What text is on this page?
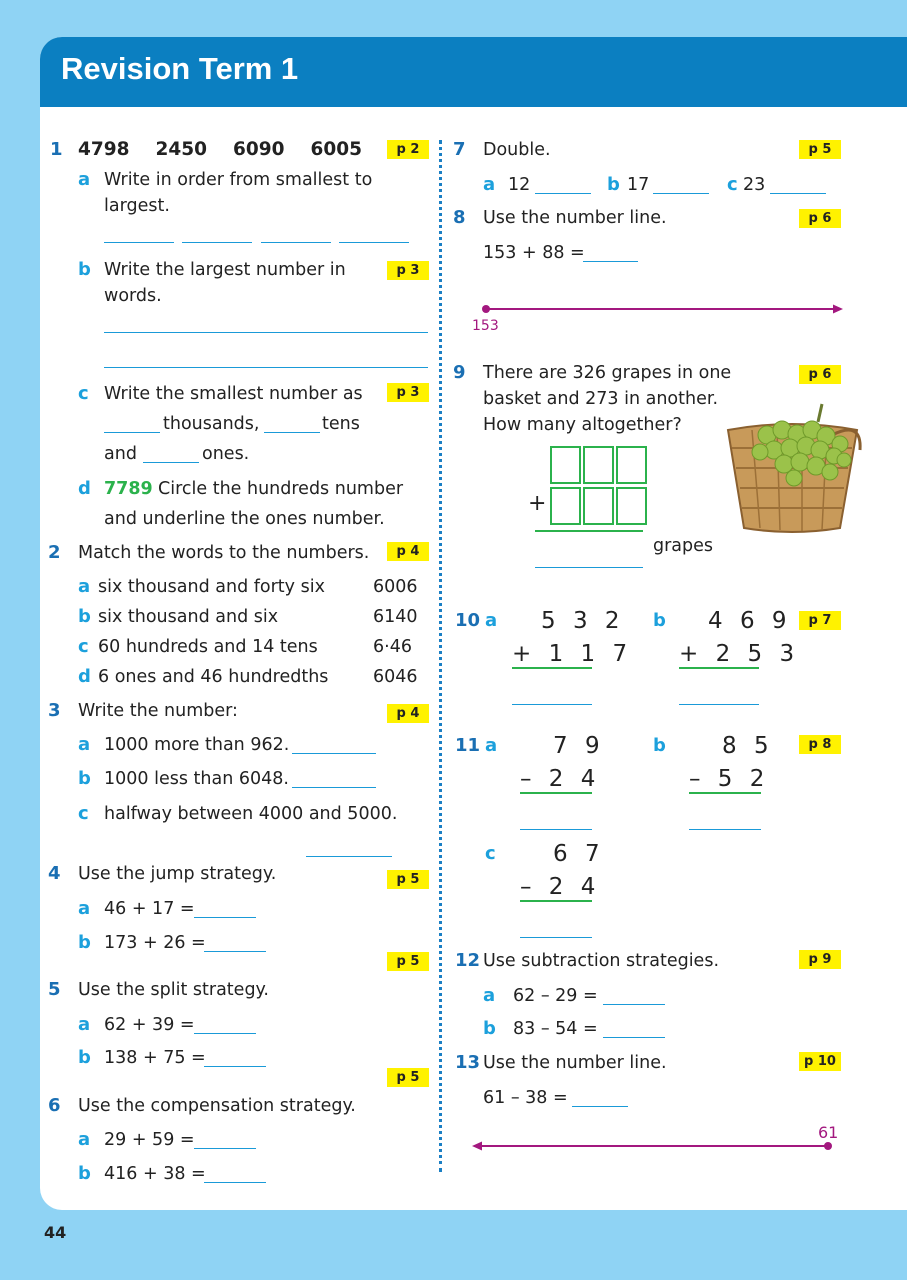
Revision Term 1
1 4798 2450 6090 6005	p 2
a Write in order from smallest to
largest.
b Write the largest number in
words.
p 3
c Write the smallest number as	p 3
thousands,	tens
and	ones.
d 7789 Circle the hundreds number
and underline the ones number.
2 Match the words to the numbers.	p 4
a six thousand and forty six	6006
b six thousand and six	6140
c 60 hundreds and 14 tens	6·46
d 6 ones and 46 hundredths	6046
3 Write the number:	p 4
a 1000 more than 962.
b 1000 less than 6048.
c halfway between 4000 and 5000.
4 Use the jump strategy.	p 5
a 46 + 17 =
b 173 + 26 =
p 5
5 Use the split strategy.
a 62 + 39 =
b 138 + 75 =
p 5
6 Use the compensation strategy.
a 29 + 59 =
b 416 + 38 =
7 Double.	p 5
a 12	b 17	c 23
8 Use the number line.	p 6
153 + 88 =
153
9 There are 326 grapes in one
basket and 273 in another.
How many altogether?
p 6
+
grapes
10 a 5 3 2
+ 1 1 7
b 4 6 9
+ 2 5 3
p 7
11 a 7 9
– 2 4
b 8 5
– 5 2
p 8
c 6 7
– 2 4
12 Use subtraction strategies.	p 9
a 62 – 29 =
b 83 – 54 =
13 Use the number line.	p 10
61 – 38 =
61
44
